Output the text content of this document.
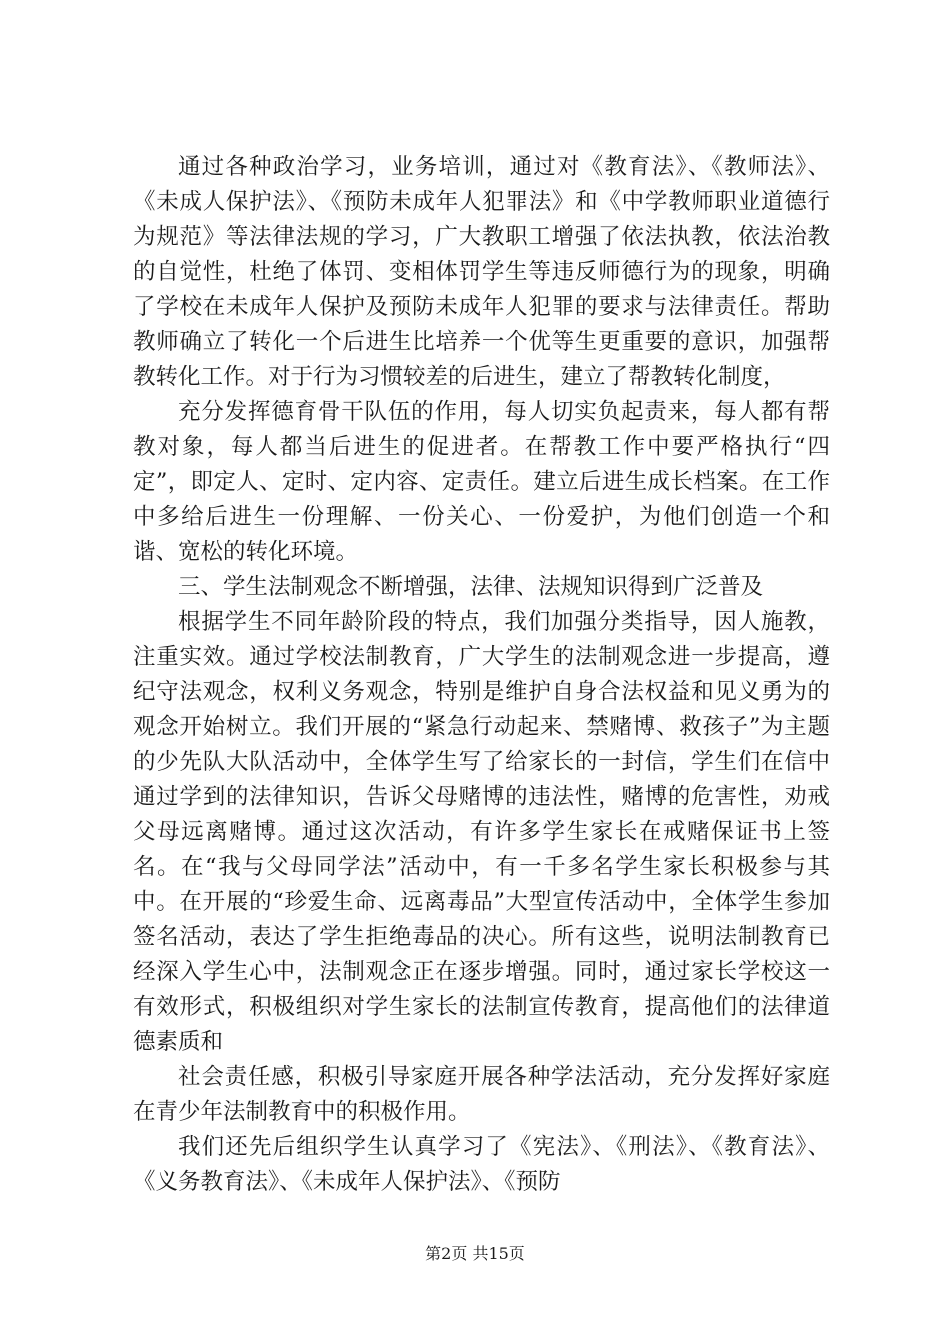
通过各种政治学习，业务培训，通过对《教育法》、《教师法》、《未成人保护法》、《预防未成年人犯罪法》和《中学教师职业道德行为规范》等法律法规的学习，广大教职工增强了依法执教，依法治教的自觉性，杜绝了体罚、变相体罚学生等违反师德行为的现象，明确了学校在未成年人保护及预防未成年人犯罪的要求与法律责任。帮助教师确立了转化一个后进生比培养一个优等生更重要的意识，加强帮教转化工作。对于行为习惯较差的后进生，建立了帮教转化制度，

充分发挥德育骨干队伍的作用，每人切实负起责来，每人都有帮教对象，每人都当后进生的促进者。在帮教工作中要严格执行“四定”，即定人、定时、定内容、定责任。建立后进生成长档案。在工作中多给后进生一份理解、一份关心、一份爱护，为他们创造一个和谐、宽松的转化环境。

三、学生法制观念不断增强，法律、法规知识得到广泛普及

根据学生不同年龄阶段的特点，我们加强分类指导，因人施教，注重实效。通过学校法制教育，广大学生的法制观念进一步提高，遵纪守法观念，权利义务观念，特别是维护自身合法权益和见义勇为的观念开始树立。我们开展的“紧急行动起来、禁赌博、救孩子”为主题的少先队大队活动中，全体学生写了给家长的一封信，学生们在信中通过学到的法律知识，告诉父母赌博的违法性，赌博的危害性，劝戒父母远离赌博。通过这次活动，有许多学生家长在戒赌保证书上签名。在“我与父母同学法”活动中，有一千多名学生家长积极参与其中。在开展的“珍爱生命、远离毒品”大型宣传活动中，全体学生参加签名活动，表达了学生拒绝毒品的决心。所有这些，说明法制教育已经深入学生心中，法制观念正在逐步增强。同时，通过家长学校这一有效形式，积极组织对学生家长的法制宣传教育，提高他们的法律道德素质和

社会责任感，积极引导家庭开展各种学法活动，充分发挥好家庭在青少年法制教育中的积极作用。

我们还先后组织学生认真学习了《宪法》、《刑法》、《教育法》、《义务教育法》、《未成年人保护法》、《预防

第2页 共15页
